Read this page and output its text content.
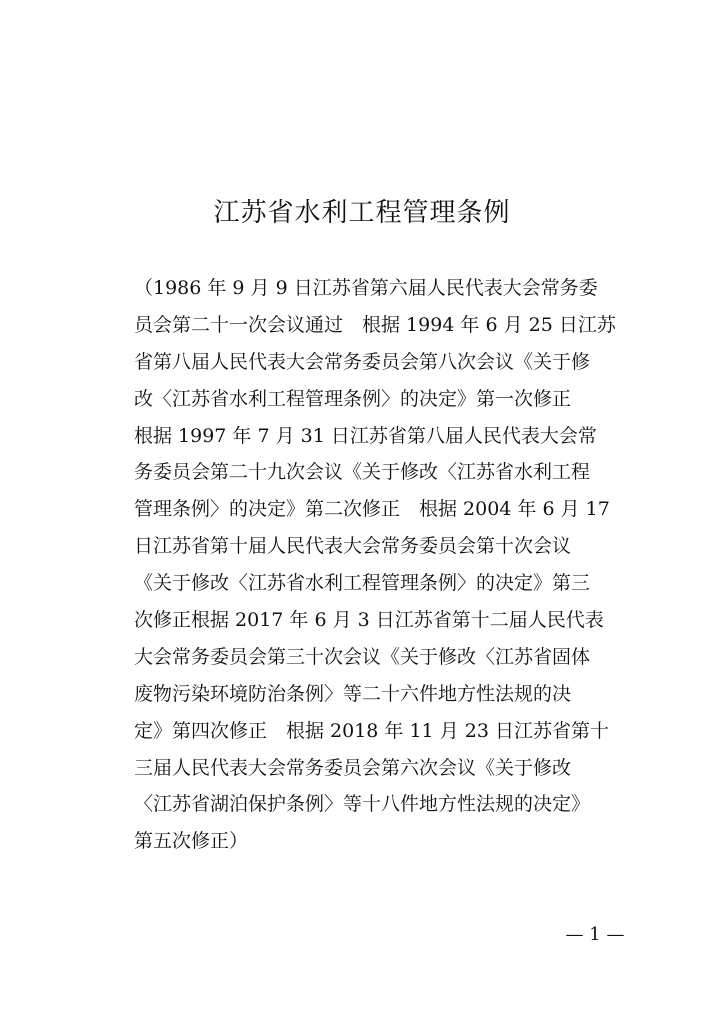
江苏省水利工程管理条例
（1986 年 9 月 9 日江苏省第六届人民代表大会常务委
员会第二十一次会议通过　根据 1994 年 6 月 25 日江苏
省第八届人民代表大会常务委员会第八次会议《关于修
改〈江苏省水利工程管理条例〉的决定》第一次修正
根据 1997 年 7 月 31 日江苏省第八届人民代表大会常
务委员会第二十九次会议《关于修改〈江苏省水利工程
管理条例〉的决定》第二次修正　根据 2004 年 6 月 17
日江苏省第十届人民代表大会常务委员会第十次会议
《关于修改〈江苏省水利工程管理条例〉的决定》第三
次修正根据 2017 年 6 月 3 日江苏省第十二届人民代表
大会常务委员会第三十次会议《关于修改〈江苏省固体
废物污染环境防治条例〉等二十六件地方性法规的决
定》第四次修正　根据 2018 年 11 月 23 日江苏省第十
三届人民代表大会常务委员会第六次会议《关于修改
〈江苏省湖泊保护条例〉等十八件地方性法规的决定》
第五次修正）
— 1 —
